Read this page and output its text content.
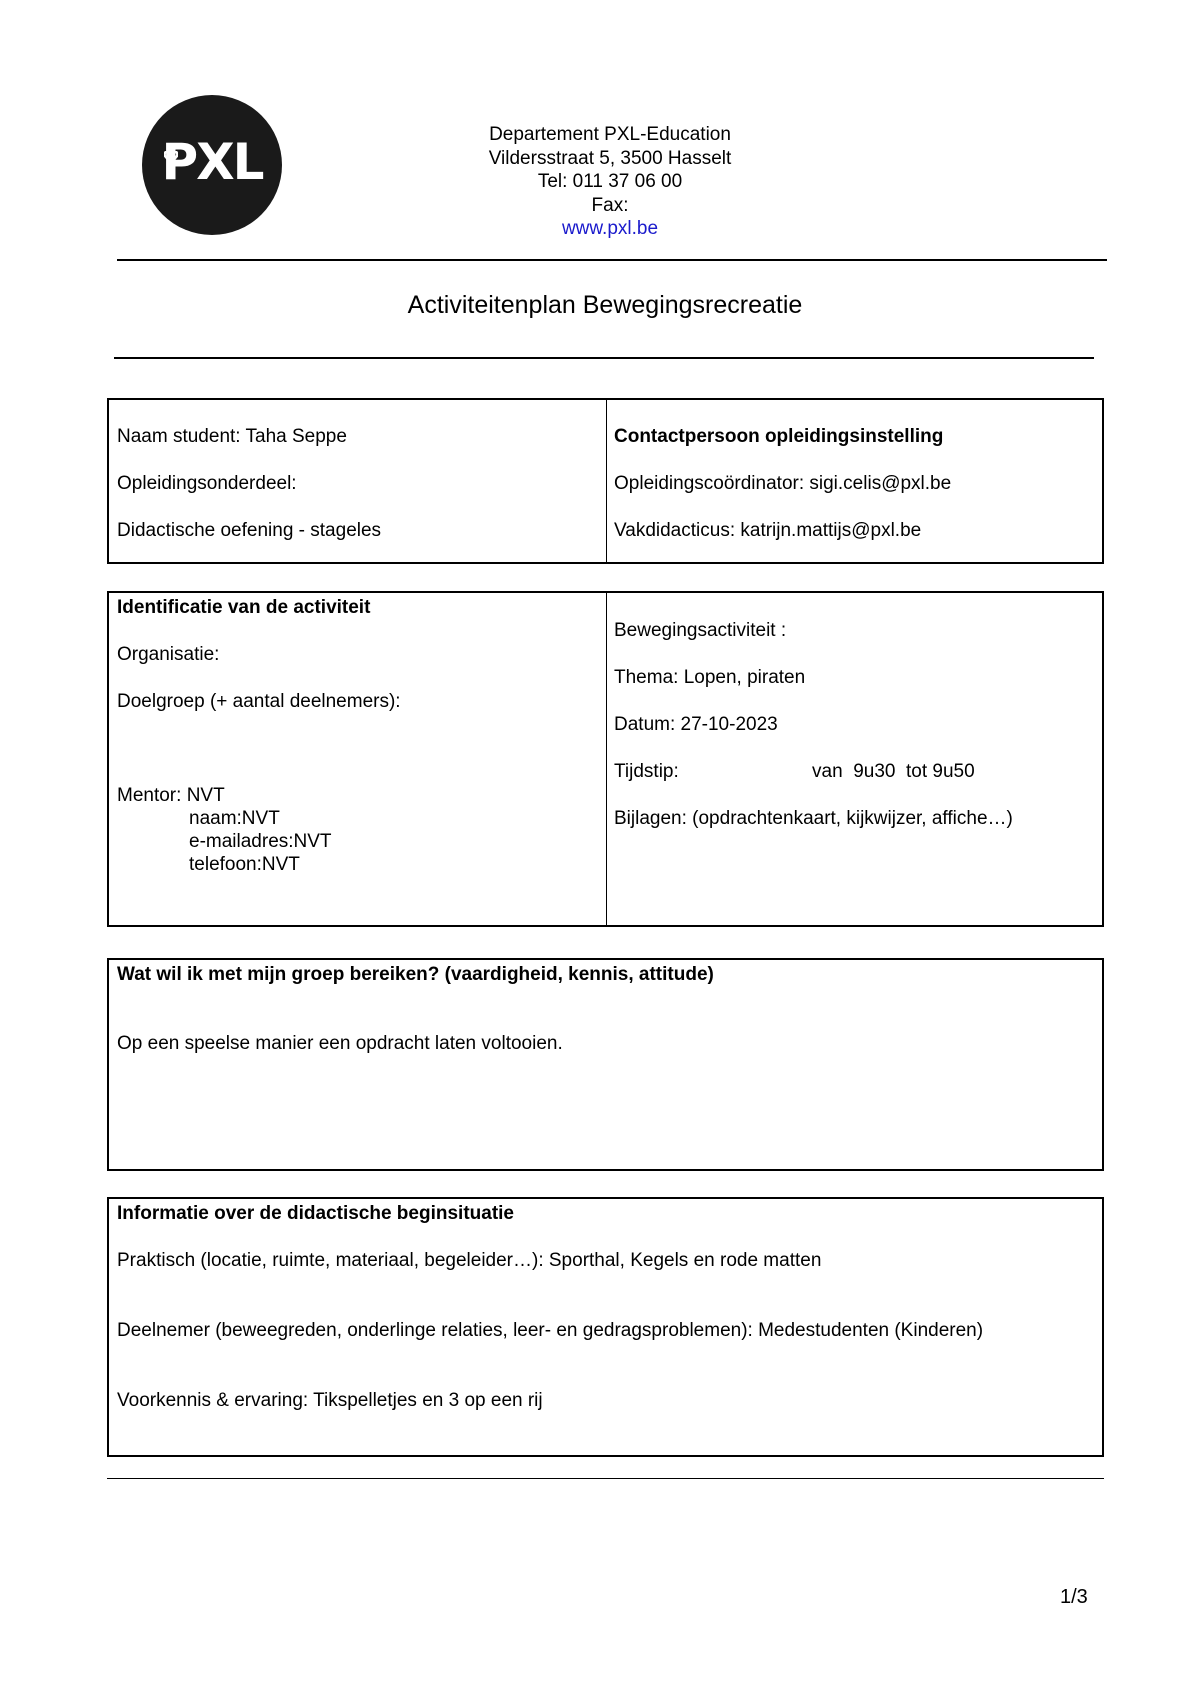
PXL	Departement PXL-Education
Vildersstraat 5, 3500 Hasselt
Tel: 011 37 06 00
Fax:
www.pxl.be
Activiteitenplan Bewegingsrecreatie
Naam student: Taha Seppe
Opleidingsonderdeel:
Didactische oefening - stageles
Contactpersoon opleidingsinstelling
Opleidingscoördinator: sigi.celis@pxl.be
Vakdidacticus: katrijn.mattijs@pxl.be
Identificatie van de activiteit
Organisatie:
Doelgroep (+ aantal deelnemers):
Mentor: NVT
naam:NVT
e-mailadres:NVT
telefoon:NVT
Bewegingsactiviteit :
Thema: Lopen, piraten
Datum: 27-10-2023
Tijdstip:	van  9u30  tot 9u50
Bijlagen: (opdrachtenkaart, kijkwijzer, affiche…)
Wat wil ik met mijn groep bereiken? (vaardigheid, kennis, attitude)
Op een speelse manier een opdracht laten voltooien.
Informatie over de didactische beginsituatie
Praktisch (locatie, ruimte, materiaal, begeleider…): Sporthal, Kegels en rode matten
Deelnemer (beweegreden, onderlinge relaties, leer- en gedragsproblemen): Medestudenten (Kinderen)
Voorkennis & ervaring: Tikspelletjes en 3 op een rij
1/3
